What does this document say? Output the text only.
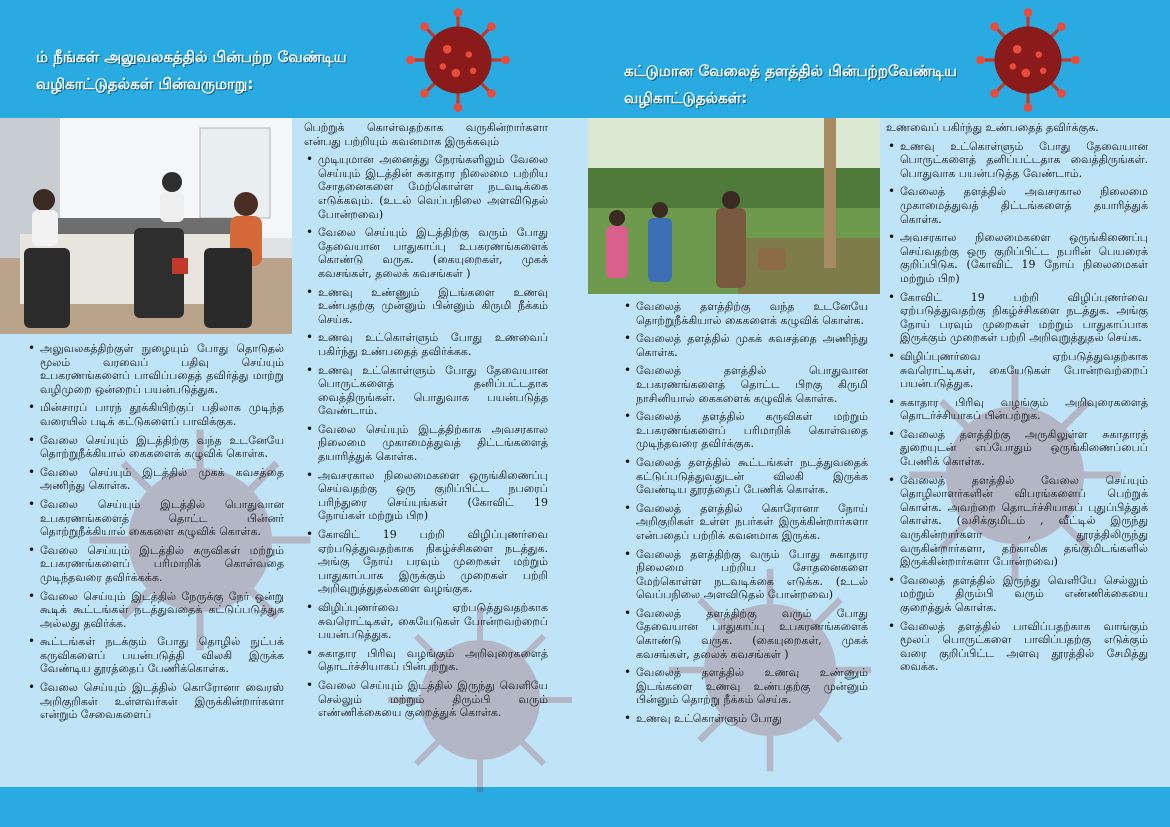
ம் நீங்கள் அலுவலகத்தில் பின்பற்ற வேண்டிய
வழிகாட்டுதல்கள் பின்வருமாறு:
கட்டுமான வேலைத் தளத்தில் பின்பற்றவேண்டிய
வழிகாட்டுதல்கள்:
• அலுவலகத்திற்குள் நுழையும் போது தொடுதல் மூலம் வரவைப் பதிவு செய்யும் உபகரணங்களைப் பாவிப்பதைத் தவிர்த்து மாற்று வழிமுறை ஒன்றைப் பயன்படுத்துக.
• மின்சாரப் பாரந் தூக்கியிற்குப் பதிலாக முடிந்த வரையில் படிக் கட்டுகளைப் பாவிக்குக.
• வேலை செய்யும் இடத்திற்கு வந்த உடனேயே தொற்றுநீக்கியால் கைகளைக் கழுவிக் கொள்க.
• வேலை செய்யும் இடத்தில் முகக் கவசத்தை அணிந்து கொள்க.
• வேலை செய்யும் இடத்தில் பொதுவான உபகரணங்களைத் தொட்ட பின்னர் தொற்றுநீக்கியால் கைகளை கழுவிக் கொள்க.
• வேலை செய்யும் இடத்தில் கருவிகள் மற்றும் உபகரணங்களைப் பரிமாறிக் கொள்வதை முடிந்தவரை தவிர்க்கக்க.
• வேலை செய்யும் இடத்தில் நேருக்கு நேர் ஒன்று கூடிக் கூட்டங்கள் நடத்துவதைக் கட்டுப்படுத்துக அல்லது தவிர்க்க.
• கூட்டங்கள் நடக்கும் போது தொழில் நுட்பக் கருவிகளைப் பயன்படுத்தி விலகி இருக்க வேண்டிய தூரத்தைப் பேணிக்கொள்க.
• வேலை செய்யும் இடத்தில் கொரோனா வைரஸ் அறிகுறிகள் உள்ளவர்கள் இருக்கின்றார்களா என்றும் சேவைகளைப்
பெற்றுக் கொள்வதற்காக வருகின்றார்களா என்பது பற்றியும் கவனமாக இருக்கவும்
• முடியுமான அனைத்து நேரங்களிலும் வேலை செய்யும் இடத்தின் சுகாதார நிலைமை பற்றிய சோதனைகளை மேற்கொள்ள நடவடிக்கை எடுக்கவும். (உடல் வெப்பநிலை அளவிடுதல் போன்றவை)
• வேலை செய்யும் இடத்திற்கு வரும் போது தேவையான பாதுகாப்பு உபகரணங்களைக் கொண்டு வருக. (கையுறைகள், முகக் கவசங்கள், தலைக் கவசங்கள் )
• உணவு உண்ணும் இடங்களை உணவு உண்பதற்கு முன்னும் பின்னும் கிருமி நீக்கம் செய்க.
• உணவு உட்கொள்ளும் போது உணவைப் பகிர்ந்து உண்பதைத் தவிர்க்கக.
• உணவு உட்கொள்ளும் போது தேவையான பொருட்களைத் தனிப்பட்டதாக வைத்திருங்கள். பொதுவாக பயன்படுத்த வேண்டாம்.
• வேலை செய்யும் இடத்திற்காக அவசரகால நிலைமை முகாமைத்துவத் திட்டங்களைத் தயாரித்துக் கொள்க.
• அவசரகால நிலைமைகளை ஒருங்கிணைப்பு செய்வதற்கு ஒரு குறிப்பிட்ட நபரைப் பரிந்துரை செய்யுங்கள் (கோவிட் 19 நோய்கள் மற்றும் பிற)
• கோவிட் 19 பற்றி விழிப்புணர்வை ஏற்படுத்துவதற்காக நிகழ்ச்சிகளை நடத்துக. அங்கு நோய் பரவும் முறைகள் மற்றும் பாதுகாப்பாக இருக்கும் முறைகள் பற்றி அறிவுறுத்துதல்களை வழங்குக.
• விழிப்புணர்வை ஏற்படுத்துவதற்காக சுவரொட்டிகள், கையேடுகள் போன்றவற்றைப் பயன்படுத்துக.
• சுகாதார பிரிவு வழங்கும் அறிவுரைகளைத் தொடர்ச்சியாகப் பின்பற்றுக.
• வேலை செய்யும் இடத்தில் இருந்து வெளியே செல்லும் மற்றும் திரும்பி வரும் எண்ணிக்கையை குறைத்துக் கொள்க.
• வேலைத் தளத்திற்கு வந்த உடனேயே தொற்றுநீக்கியால் கைகளைக் கழுவிக் கொள்க.
• வேலைத் தளத்தில் முகக் கவசத்தை அணிந்து கொள்க.
• வேலைத் தளத்தில் பொதுவான உபகரணங்களைத் தொட்ட பிறகு கிருமி நாசினியால் கைகளைக் கழுவிக் கொள்க.
• வேலைத் தளத்தில் கருவிகள் மற்றும் உபகரணங்களைப் பரிமாறிக் கொள்வதை முடிந்தவரை தவிர்க்குக.
• வேலைத் தளத்தில் கூட்டங்கள் நடத்துவதைக் கட்டுப்படுத்துவதுடன் விலகி இருக்க வேண்டிய தூரத்தைப் பேணிக் கொள்க.
• வேலைத் தளத்தில் கொரோனா நோய் அறிகுறிகள் உள்ள நபர்கள் இருக்கின்றார்களா என்பதைப் பற்றிக் கவனமாக இருக்க.
• வேலைத் தளத்திற்கு வரும் போது சுகாதார நிலைமை பற்றிய சோதனைகளை மேற்கொள்ள நடவடிக்கை எடுக்க. (உடல் வெப்பநிலை அளவிடுதல் போன்றவை)
• வேலைத் தளத்திற்கு வரும் போது தேவையான பாதுகாப்பு உபகரணங்களைக் கொண்டு வருக. (கையுறைகள், முகக் கவசங்கள், தலைக் கவசங்கள் )
• வேலைத் தளத்தில் உணவு உண்ணும் இடங்களை உணவு உண்பதற்கு முன்னும் பின்னும் தொற்று நீக்கம் செய்க.
• உணவு உட்கொள்ளும் போது
உணவைப் பகிர்ந்து உண்பதைத் தவிர்க்குக.
• உணவு உட்கொள்ளும் போது தேவையான பொருட்களைத் தனிப்பட்டதாக வைத்திருங்கள். பொதுவாக பயன்படுத்த வேண்டாம்.
• வேலைத் தளத்தில் அவசரகால நிலைமை முகாமைத்துவத் திட்டங்களைத் தயாரித்துக் கொள்க.
• அவசரகால நிலைமைகளை ஒருங்கிணைப்பு செய்வதற்கு ஒரு குறிப்பிட்ட நபரின் பெயரைக் குறிப்பிடுக. (கோவிட் 19 நோய் நிலைமைகள் மற்றும் பிற)
• கோவிட் 19 பற்றி விழிப்புணர்வை ஏற்படுத்துவதற்கு நிகழ்ச்சிகளை நடத்துக. அங்கு நோய் பரவும் முறைகள் மற்றும் பாதுகாப்பாக இருக்கும் முறைகள் பற்றி அறிவுறுத்துதல் செய்க.
• விழிப்புணர்வை ஏற்படுத்துவதற்காக சுவரொட்டிகள், கையேடுகள் போன்றவற்றைப் பயன்படுத்துக.
• சுகாதார பிரிவு வழங்கும் அறிவுரைகளைத் தொடர்ச்சியாகப் பின்பற்றுக.
• வேலைத் தளத்திற்கு அருகிலுள்ள சுகாதாரத் துறையுடன் எப்போதும் ஒருங்கிணைப்பைப் பேணிக் கொள்க.
• வேலைத் தளத்தில் வேலை செய்யும் தொழிலாளர்களின் விபரங்களைப் பெற்றுக் கொள்க. அவற்றை தொடர்ச்சியாகப் புதுப்பித்துக் கொள்க. (வசிக்குமிடம் , வீட்டில் இருந்து வருகின்றார்களா , தூரத்திலிருந்து வருகின்றார்களா, தற்காலிக தங்குமிடங்களில் இருக்கின்றார்களா போன்றவை)
• வேலைத் தளத்தில் இருந்து வெளியே செல்லும் மற்றும் திரும்பி வரும் எண்ணிக்கையை குறைத்துக் கொள்க.
• வேலைத் தளத்தில் பாவிப்பதற்காக வாங்கும் மூலப் பொருட்களை பாவிப்பதற்கு எடுக்கும் வரை குறிப்பிட்ட அளவு தூரத்தில் சேமித்து வைக்க.
